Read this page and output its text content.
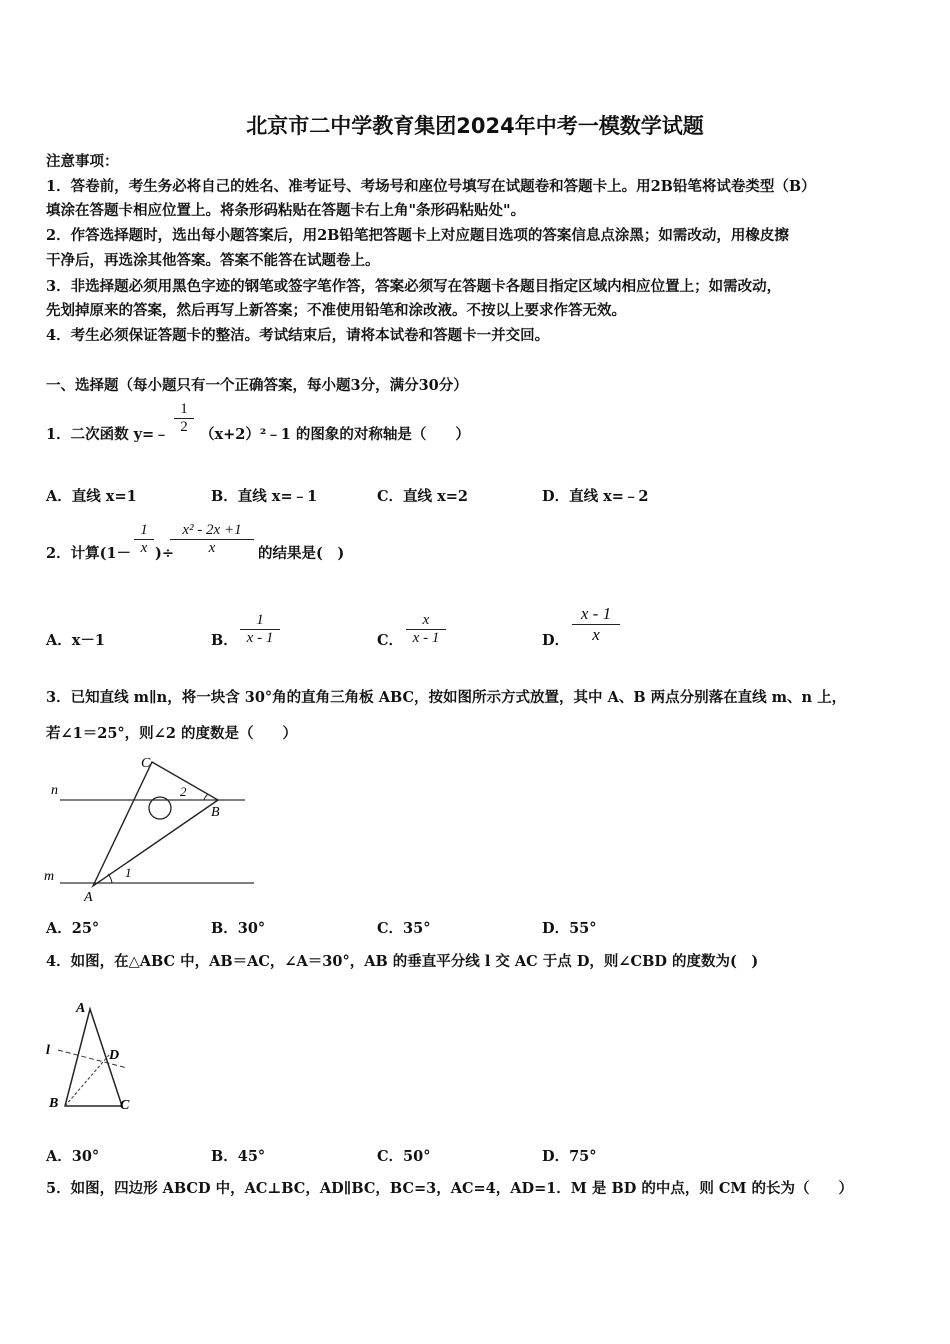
北京市二中学教育集团2024年中考一模数学试题
注意事项：
1．答卷前，考生务必将自己的姓名、准考证号、考场号和座位号填写在试题卷和答题卡上。用2B铅笔将试卷类型（B）
填涂在答题卡相应位置上。将条形码粘贴在答题卡右上角"条形码粘贴处"。
2．作答选择题时，选出每小题答案后，用2B铅笔把答题卡上对应题目选项的答案信息点涂黑；如需改动，用橡皮擦
干净后，再选涂其他答案。答案不能答在试题卷上。
3．非选择题必须用黑色字迹的钢笔或签字笔作答，答案必须写在答题卡各题目指定区域内相应位置上；如需改动，
先划掉原来的答案，然后再写上新答案；不准使用铅笔和涂改液。不按以上要求作答无效。
4．考生必须保证答题卡的整洁。考试结束后，请将本试卷和答题卡一并交回。
一、选择题（每小题只有一个正确答案，每小题3分，满分30分）
1．二次函数 y=﹣ $\frac{1}{2}$ （x+2）²﹣1 的图象的对称轴是（　　）
A．直线 x=1	B．直线 x=﹣1	C．直线 x=2	D．直线 x=﹣2
2．计算($1- \frac{1}{x}$ )÷
$\frac{\text{x² - 2x +1}}{x}$ 的结果是(　)
A．x－1	B． $\frac{1}{x - 1}$	C． $\frac{x}{x - 1}$	D． $\frac{x - 1}{x}$
3．已知直线 m∥n，将一块含 30°角的直角三角板 ABC，按如图所示方式放置，其中 A、B 两点分别落在直线 m、n 上，
若∠1＝25°，则∠2 的度数是（　　）
n
m
A
B
C
1
2
A．25°	B．30°	C．35°	D．55°
4．如图，在△ABC 中，AB＝AC，∠A＝30°，AB 的垂直平分线 l 交 AC 于点 D，则∠CBD 的度数为(　)
A
B	C
D
l
A．30°	B．45°	C．50°	D．75°
5．如图，四边形 ABCD 中，AC⊥BC，AD∥BC，BC=3，AC=4，AD=1．M 是 BD 的中点，则 CM 的长为（　　）
